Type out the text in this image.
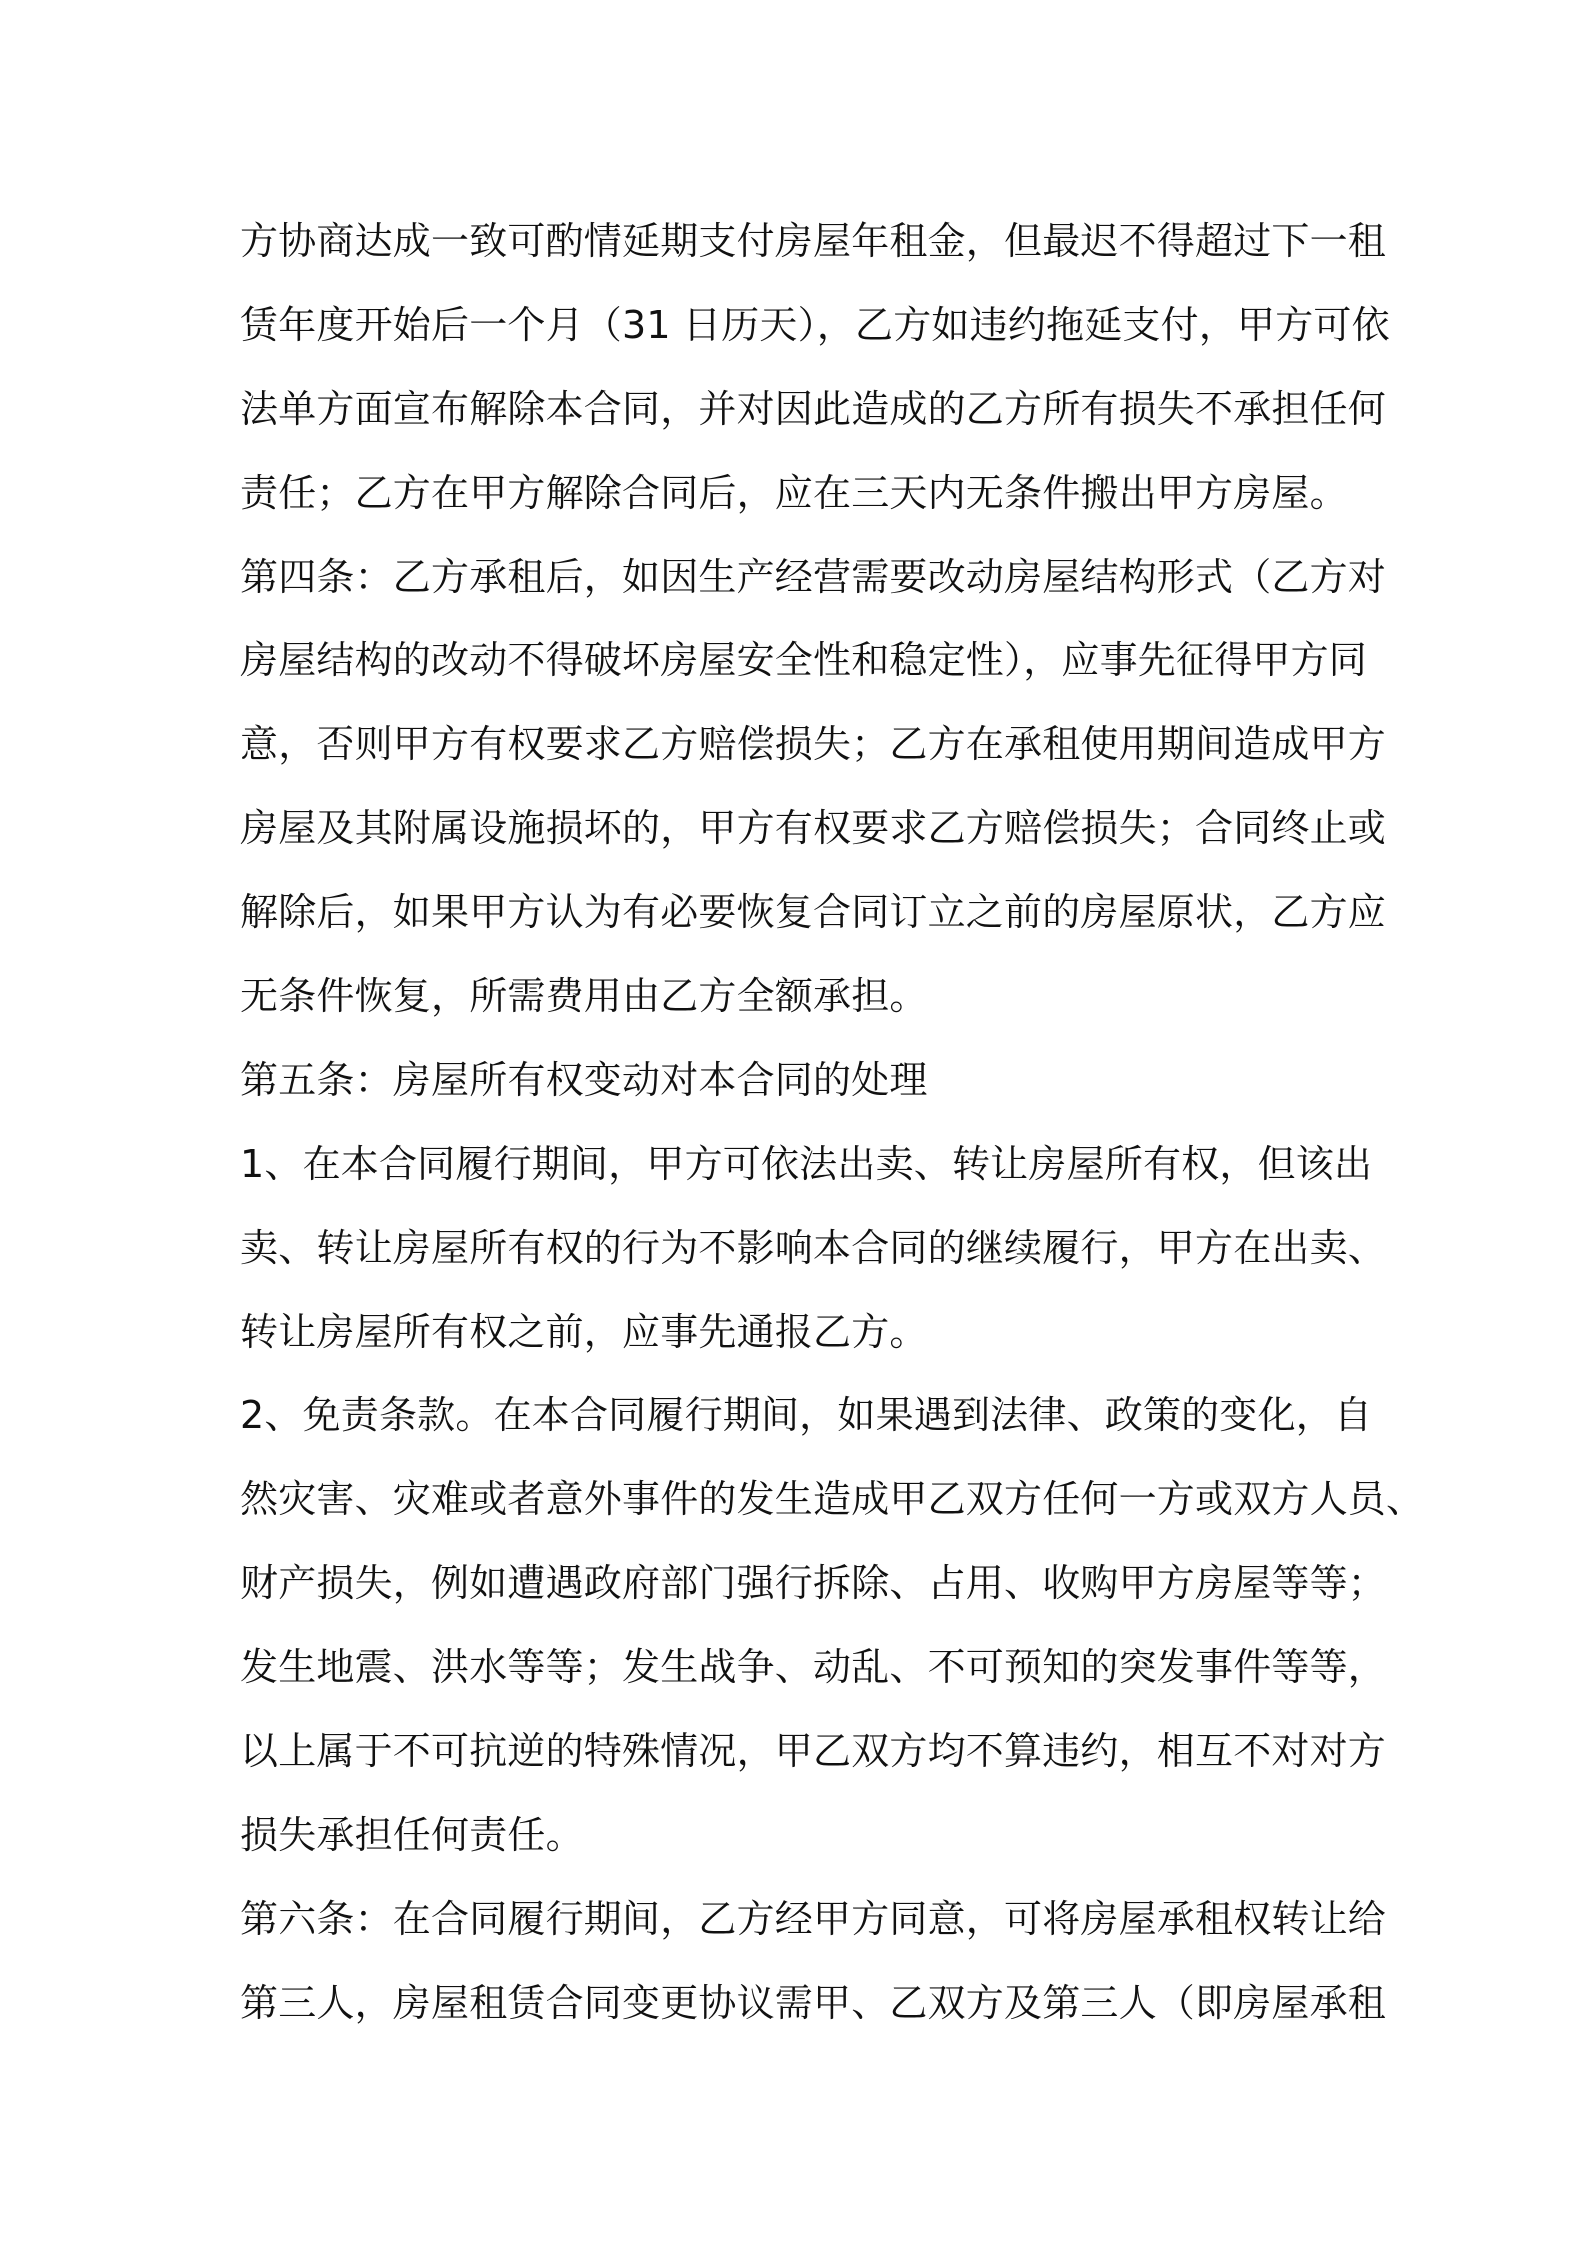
方协商达成一致可酌情延期支付房屋年租金，但最迟不得超过下一租
赁年度开始后一个月（31 日历天），乙方如违约拖延支付，甲方可依
法单方面宣布解除本合同，并对因此造成的乙方所有损失不承担任何
责任；乙方在甲方解除合同后，应在三天内无条件搬出甲方房屋。
第四条：乙方承租后，如因生产经营需要改动房屋结构形式（乙方对
房屋结构的改动不得破坏房屋安全性和稳定性），应事先征得甲方同
意，否则甲方有权要求乙方赔偿损失；乙方在承租使用期间造成甲方
房屋及其附属设施损坏的，甲方有权要求乙方赔偿损失；合同终止或
解除后，如果甲方认为有必要恢复合同订立之前的房屋原状，乙方应
无条件恢复，所需费用由乙方全额承担。
第五条：房屋所有权变动对本合同的处理
1、在本合同履行期间，甲方可依法出卖、转让房屋所有权，但该出
卖、转让房屋所有权的行为不影响本合同的继续履行，甲方在出卖、
转让房屋所有权之前，应事先通报乙方。
2、免责条款。在本合同履行期间，如果遇到法律、政策的变化，自
然灾害、灾难或者意外事件的发生造成甲乙双方任何一方或双方人员、
财产损失，例如遭遇政府部门强行拆除、占用、收购甲方房屋等等；
发生地震、洪水等等；发生战争、动乱、不可预知的突发事件等等，
以上属于不可抗逆的特殊情况，甲乙双方均不算违约，相互不对对方
损失承担任何责任。
第六条：在合同履行期间，乙方经甲方同意，可将房屋承租权转让给
第三人，房屋租赁合同变更协议需甲、乙双方及第三人（即房屋承租
